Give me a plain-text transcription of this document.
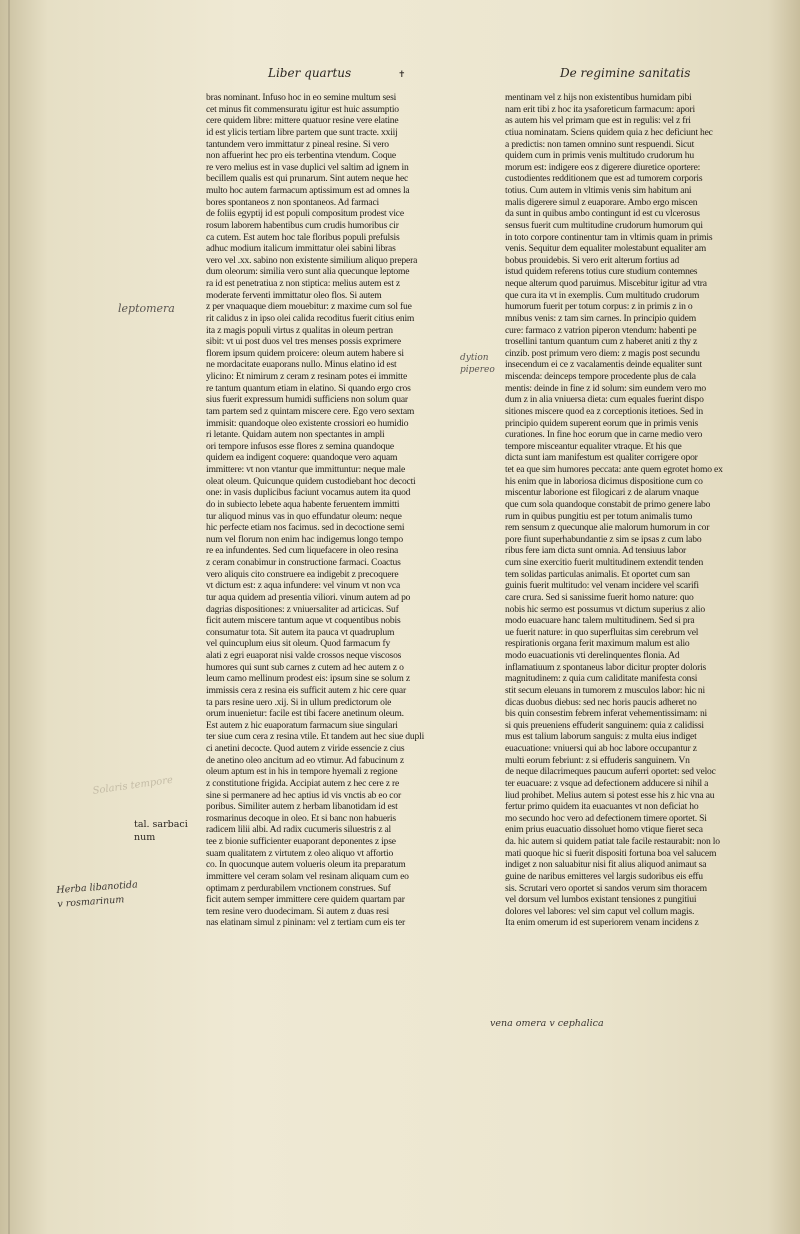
Liber quartus	✝	De regimine sanitatis
bras nominant. Infuso hoc in eo semine multum sesi
cet minus fit commensuratu igitur est huic assumptio
cere quidem libre: mittere quatuor resine vere elatine
id est ylicis tertiam libre partem que sunt tracte. xxiij
tantundem vero immittatur z pineal resine. Si vero
non affuerint hec pro eis terbentina vtendum. Coque
re vero melius est in vase duplici vel saltim ad ignem in
becillem qualis est qui prunarum. Sint autem neque hec
multo hoc autem farmacum aptissimum est ad omnes la
bores spontaneos z non spontaneos. Ad farmaci
de foliis egyptij id est populi compositum prodest vice
rosum laborem habentibus cum crudis humoribus cir
ca cutem. Est autem hoc tale floribus populi prefulsis
adhuc modium italicum immittatur olei sabini libras
vero vel .xx. sabino non existente similium aliquo prepera
dum oleorum: similia vero sunt alia quecunque leptome
ra id est penetratiua z non stiptica: melius autem est z
moderate ferventi immittatur oleo flos. Si autem
z per vnaquaque diem mouebitur: z maxime cum sol fue
rit calidus z in ipso olei calida recoditus fuerit citius enim
ita z magis populi virtus z qualitas in oleum pertran
sibit: vt ui post duos vel tres menses possis exprimere
florem ipsum quidem proicere: oleum autem habere si
ne mordacitate euaporans nullo. Minus elatino id est
ylicino: Et nimirum z ceram z resinam potes ei immitte
re tantum quantum etiam in elatino. Si quando ergo cros
sius fuerit expressum humidi sufficiens non solum quar
tam partem sed z quintam miscere cere. Ego vero sextam
immisit: quandoque oleo existente crossiori eo humidio
ri letante. Quidam autem non spectantes in ampli
ori tempore infusos esse flores z semina quandoque
quidem ea indigent coquere: quandoque vero aquam
immittere: vt non vtantur que immittuntur: neque male
oleat oleum. Quicunque quidem custodiebant hoc decocti
one: in vasis duplicibus faciunt vocamus autem ita quod
do in subiecto lebete aqua habente feruentem immitti
tur aliquod minus vas in quo effundatur oleum: neque
hic perfecte etiam nos facimus. sed in decoctione semi
num vel florum non enim hac indigemus longo tempo
re ea infundentes. Sed cum liquefacere in oleo resina
z ceram conabimur in constructione farmaci. Coactus
vero aliquis cito construere ea indigebit z precoquere
vt dictum est: z aqua infundere: vel vinum vt non vca
tur aqua quidem ad presentia viliori. vinum autem ad po
dagrias dispositiones: z vniuersaliter ad articicas. Suf
ficit autem miscere tantum aque vt coquentibus nobis
consumatur tota. Sit autem ita pauca vt quadruplum
vel quincuplum eius sit oleum. Quod farmacum fy
alati z egri euaporat nisi valde crossos neque viscosos
humores qui sunt sub carnes z cutem ad hec autem z o
leum camo mellinum prodest eis: ipsum sine se solum z
immissis cera z resina eis sufficit autem z hic cere quar
ta pars resine uero .xij. Si in ullum predictorum ole
orum inuenietur: facile est tibi facere anetinum oleum.
Est autem z hic euaporatum farmacum siue singulari
ter siue cum cera z resina vtile. Et tandem aut hec siue dupli
ci anetini decocte. Quod autem z viride essencie z cius
de anetino oleo ancitum ad eo vtimur. Ad fabucinum z
oleum aptum est in his in tempore hyemali z regione
z constitutione frigida. Accipiat autem z hec cere z re
sine si permanere ad hec aptius id vis vnctis ab eo cor
poribus. Similiter autem z herbam libanotidam id est
rosmarinus decoque in oleo. Et si banc non habueris
radicem lilii albi. Ad radix cucumeris siluestris z al
tee z bionie sufficienter euaporant deponentes z ipse
suam qualitatem z virtutem z oleo aliquo vt affortio
co. In quocunque autem volueris oleum ita preparatum
immittere vel ceram solam vel resinam aliquam cum eo
optimam z perdurabilem vnctionem construes. Suf
ficit autem semper immittere cere quidem quartam par
tem resine vero duodecimam. Si autem z duas resi
nas elatinam simul z pininam: vel z tertiam cum eis ter
mentinam vel z hijs non existentibus humidam pibi
nam erit tibi z hoc ita ysaforeticum farmacum: apori
as autem his vel primam que est in regulis: vel z fri
ctiua nominatam. Sciens quidem quia z hec deficiunt hec
a predictis: non tamen omnino sunt respuendi. Sicut
quidem cum in primis venis multitudo crudorum hu
morum est: indigere eos z digerere diuretice oportere:
custodientes redditionem que est ad tumorem corporis
totius. Cum autem in vltimis venis sim habitum ani
malis digerere simul z euaporare. Ambo ergo miscen
da sunt in quibus ambo contingunt id est cu vlcerosus
sensus fuerit cum multitudine crudorum humorum qui
in toto corpore continentur tam in vltimis quam in primis
venis. Sequitur dem equaliter molestabunt equaliter am
bobus prouidebis. Si vero erit alterum fortius ad
istud quidem referens totius cure studium contemnes
neque alterum quod paruimus. Miscebitur igitur ad vtra
que cura ita vt in exemplis. Cum multitudo crudorum
humorum fuerit per totum corpus: z in primis z in o
mnibus venis: z tam sim carnes. In principio quidem
cure: farmaco z vatrion piperon vtendum: habenti pe
trosellini tantum quantum cum z haberet aniti z thy z
cinzib. post primum vero diem: z magis post secundu
insecendum ei ce z vacalamentis deinde equaliter sunt
miscenda: deinceps tempore procedente plus de cala
mentis: deinde in fine z id solum: sim eundem vero mo
dum z in alia vniuersa dieta: cum equales fuerint dispo
sitiones miscere quod ea z corceptionis itetioes. Sed in
principio quidem superent eorum que in primis venis
curationes. In fine hoc eorum que in carne medio vero
tempore misceantur equaliter vtraque. Et his que
dicta sunt iam manifestum est qualiter corrigere opor
tet ea que sim humores peccata: ante quem egrotet homo ex
his enim que in laboriosa dicimus dispositione cum co
miscentur laborione est filogicari z de alarum vnaque
que cum sola quandoque constabit de primo genere labo
rum in quibus pungitiu est per totum animalis tumo
rem sensum z quecunque alie malorum humorum in cor
pore fiunt superhabundantie z sim se ipsas z cum labo
ribus fere iam dicta sunt omnia. Ad tensiuus labor
cum sine exercitio fuerit multitudinem extendit tenden
tem solidas particulas animalis. Et oportet cum san
guinis fuerit multitudo: vel venam incidere vel scarifi
care crura. Sed si sanissime fuerit homo nature: quo
nobis hic sermo est possumus vt dictum superius z alio
modo euacuare hanc talem multitudinem. Sed si pra
ue fuerit nature: in quo superfluitas sim cerebrum vel
respirationis organa ferit maximum malum est alio
modo euacuationis vti derelinquentes flonia. Ad
inflamatiuum z spontaneus labor dicitur propter doloris
magnitudinem: z quia cum caliditate manifesta consi
stit secum eleuans in tumorem z musculos labor: hic ni
dicas duobus diebus: sed nec horis paucis adheret no
bis quin consestim febrem inferat vehementissimam: ni
si quis preueniens effuderit sanguinem: quia z calidissi
mus est talium laborum sanguis: z multa eius indiget
euacuatione: vniuersi qui ab hoc labore occupantur z
multi eorum febriunt: z si effuderis sanguinem. Vn
de neque dilacrimeques paucum auferri oportet: sed veloc
ter euacuare: z vsque ad defectionem adducere si nihil a
liud prohibet. Melius autem si potest esse his z hic vna au
fertur primo quidem ita euacuantes vt non deficiat ho
mo secundo hoc vero ad defectionem timere oportet. Si
enim prius euacuatio dissoluet homo vtique fieret seca
da. hic autem si quidem patiat tale facile restaurabit: non lo
mati quoque hic si fuerit dispositi fortuna boa vel salucem
indiget z non saluabitur nisi fit alius aliquod animaut sa
guine de naribus emitteres vel largis sudoribus eis effu
sis. Scrutari vero oportet si sandos verum sim thoracem
vel dorsum vel lumbos existant tensiones z pungitiui
dolores vel labores: vel sim caput vel collum magis.
Ita enim omerum id est superiorem venam incidens z
Solaris tempore
leptomera
dytion
pipereo
tal. sarbaci
num
Herba libanotida
v rosmarinum
vena omera v cephalica
